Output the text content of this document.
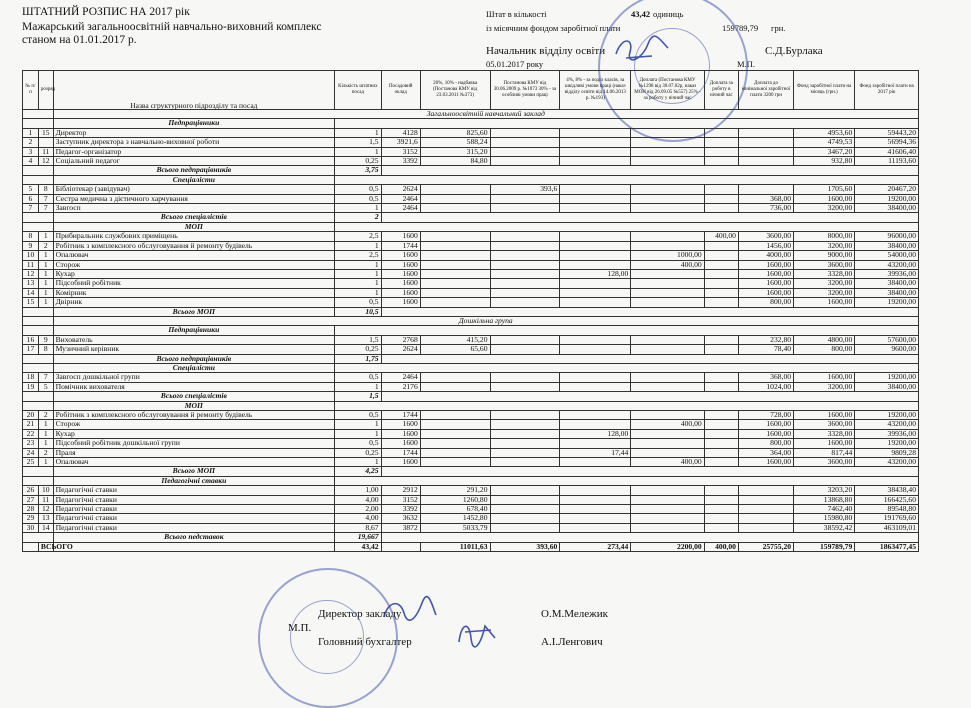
ШТАТНИЙ РОЗПИС НА 2017 рік
Мажарський загальноосвітній навчально-виховний комплекс
станом на 01.01.2017 р.
Штат в кількості	43,42 одиниць
із місячним фондом заробітної плати	159789,79 грн.
Начальник відділу освіти	С.Д.Бурлака
05.01.2017 року	М.П.
№ п/п	розряд	Назва сгруктурного підрозділу та посад	Кількість штатних посад	Посадовий оклад	20%, 10% - надбавка (Постанова КМУ від 23.03.2011 №373)	Постанова КМУ від 30.06.2009 р. №1073 30% - за особливі умови праці	4%, 8% - за поділ класів, за шкідливі умови праці (наказ відділу освіти від 14.06.2013 р. №193)	Доплата (Постанова КМУ №1298 від 30.07.02р, наказ МОН від 26.09.05 №557) 25% - за роботу у нічний час	Доплата за роботу в нічний час	Доплата до мінімальної заробітної плати 3200 грн	Фонд заробітної плати на місяць (грн.)	Фонд заробітної плати на 2017 рік
		Загальноосвітній навчальний заклад										
		Педпрацівники										
1	15	Директор	1	4128	825,60						4953,60	59443,20
2		Заступник директора з навчально-виховної роботи	1,5	3921,6	588,24						4749,53	56994,36
3	11	Педагог-організатор	1	3152	315,20						3467,20	41606,40
4	12	Соціальний педагог	0,25	3392	84,80						932,80	11193,60
		Всього педпрацівників	3,75									
		Спеціалісти										
5	8	Бібліотекар (завідувач)	0,5	2624		393,6					1705,60	20467,20
6	7	Сестра медична з дієтичного харчування	0,5	2464						368,00	1600,00	19200,00
7	7	Завгосп	1	2464						736,00	3200,00	38400,00
		Всього спеціалістів	2									
		МОП										
8	1	Прибиральник службових приміщень	2,5	1600					400,00	3600,00	8000,00	96000,00
9	2	Робітник з комплексного обслуговування й ремонту будівель	1	1744						1456,00	3200,00	38400,00
10	1	Опалювач	2,5	1600				1000,00		4000,00	9000,00	54000,00
11	1	Сторож	1	1600				400,00		1600,00	3600,00	43200,00
12	1	Кухар	1	1600			128,00			1600,00	3328,00	39936,00
13	1	Підсобний робітник	1	1600						1600,00	3200,00	38400,00
14	1	Комірник	1	1600						1600,00	3200,00	38400,00
15	1	Двірник	0,5	1600						800,00	1600,00	19200,00
		Всього МОП	10,5									
		Дошкільна група										
		Педпрацівники										
16	9	Вихователь	1,5	2768	415,20					232,80	4800,00	57600,00
17	8	Музичний керівник	0,25	2624	65,60					78,40	800,00	9600,00
		Всього педпрацівників	1,75									
		Спеціалісти										
18	7	Завгосп дошкільної групи	0,5	2464						368,00	1600,00	19200,00
19	5	Помічник вихователя	1	2176						1024,00	3200,00	38400,00
		Всього спеціалістів	1,5									
		МОП										
20	2	Робітник з комплексного обслуговування й ремонту будівель	0,5	1744						728,00	1600,00	19200,00
21	1	Сторож	1	1600				400,00		1600,00	3600,00	43200,00
22	1	Кухар	1	1600			128,00			1600,00	3328,00	39936,00
23	1	Підсобний робітник дошкільної групи	0,5	1600						800,00	1600,00	19200,00
24	2	Праля	0,25	1744			17,44			364,00	817,44	9809,28
25	1	Опалювач	1	1600				400,00		1600,00	3600,00	43200,00
		Всього МОП	4,25									
		Педагогічні ставки										
26	10	Педагогічні ставки	1,00	2912	291,20						3203,20	38438,40
27	11	Педагогічні ставки	4,00	3152	1260,80						13868,80	166425,60
28	12	Педагогічні ставки	2,00	3392	678,40						7462,40	89548,80
29	13	Педагогічні ставки	4,00	3632	1452,80						15980,80	191769,60
30	14	Педагогічні ставки	8,67	3872	5033,79						38592,42	463109,01
		Всього педставок	19,667									
	ВСЬОГО		43,42		11011,63	393,60	273,44	2200,00	400,00	25755,20	159789,79	1863477,45
Директор закладу	О.М.Мележик
М.П.
Головний бухгалтер	А.І.Ленгович
